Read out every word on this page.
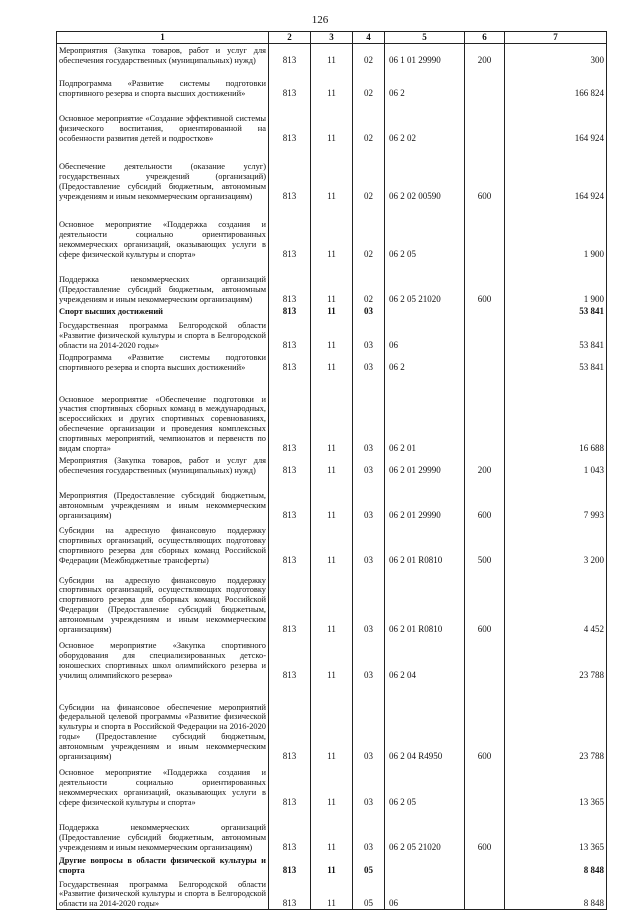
126
1	2	3	4	5	6	7
Мероприятия (Закупка товаров, работ и услуг для обеспечения государственных (муниципальных) нужд)	813	11	02	06 1 01 29990	200	300
Подпрограмма «Развитие системы подготовки спортивного резерва и спорта высших достижений»	813	11	02	06 2		166 824
Основное мероприятие «Создание эффективной системы физического воспитания, ориентированной на особенности развития детей и подростков»	813	11	02	06 2 02		164 924
Обеспечение деятельности (оказание услуг) государственных учреждений (организаций) (Предоставление субсидий бюджетным, автономным учреждениям и иным некоммерческим организациям)	813	11	02	06 2 02 00590	600	164 924
Основное мероприятие «Поддержка создания и деятельности социально ориентированных некоммерческих организаций, оказывающих услуги в сфере физической культуры и спорта»	813	11	02	06 2 05		1 900
Поддержка некоммерческих организаций (Предоставление субсидий бюджетным, автономным учреждениям и иным некоммерческим организациям)	813	11	02	06 2 05 21020	600	1 900
Спорт высших достижений	813	11	03			53 841
Государственная программа Белгородской области «Развитие физической культуры и спорта в Белгородской области на 2014-2020 годы»	813	11	03	06		53 841
Подпрограмма «Развитие системы подготовки спортивного резерва и спорта высших достижений»	813	11	03	06 2		53 841
Основное мероприятие «Обеспечение подготовки и участия спортивных сборных команд в международных, всероссийских и других спортивных соревнованиях, обеспечение организации и проведения комплексных спортивных мероприятий, чемпионатов и первенств по видам спорта»	813	11	03	06 2 01		16 688
Мероприятия (Закупка товаров, работ и услуг для обеспечения государственных (муниципальных) нужд)	813	11	03	06 2 01 29990	200	1 043
Мероприятия (Предоставление субсидий бюджетным, автономным учреждениям и иным некоммерческим организациям)	813	11	03	06 2 01 29990	600	7 993
Субсидии на адресную финансовую поддержку спортивных организаций, осуществляющих подготовку спортивного резерва для сборных команд Российской Федерации (Межбюджетные трансферты)	813	11	03	06 2 01 R0810	500	3 200
Субсидии на адресную финансовую поддержку спортивных организаций, осуществляющих подготовку спортивного резерва для сборных команд Российской Федерации (Предоставление субсидий бюджетным, автономным учреждениям и иным некоммерческим организациям)	813	11	03	06 2 01 R0810	600	4 452
Основное мероприятие «Закупка спортивного оборудования для специализированных детско-юношеских спортивных школ олимпийского резерва и училищ олимпийского резерва»	813	11	03	06 2 04		23 788
Субсидии на финансовое обеспечение мероприятий федеральной целевой программы «Развитие физической культуры и спорта в Российской Федерации на 2016-2020 годы» (Предоставление субсидий бюджетным, автономным учреждениям и иным некоммерческим организациям)	813	11	03	06 2 04 R4950	600	23 788
Основное мероприятие «Поддержка создания и деятельности социально ориентированных некоммерческих организаций, оказывающих услуги в сфере физической культуры и спорта»	813	11	03	06 2 05		13 365
Поддержка некоммерческих организаций (Предоставление субсидий бюджетным, автономным учреждениям и иным некоммерческим организациям)	813	11	03	06 2 05 21020	600	13 365
Другие вопросы в области физической культуры и спорта	813	11	05			8 848
Государственная программа Белгородской области «Развитие физической культуры и спорта в Белгородской области на 2014-2020 годы»	813	11	05	06		8 848
